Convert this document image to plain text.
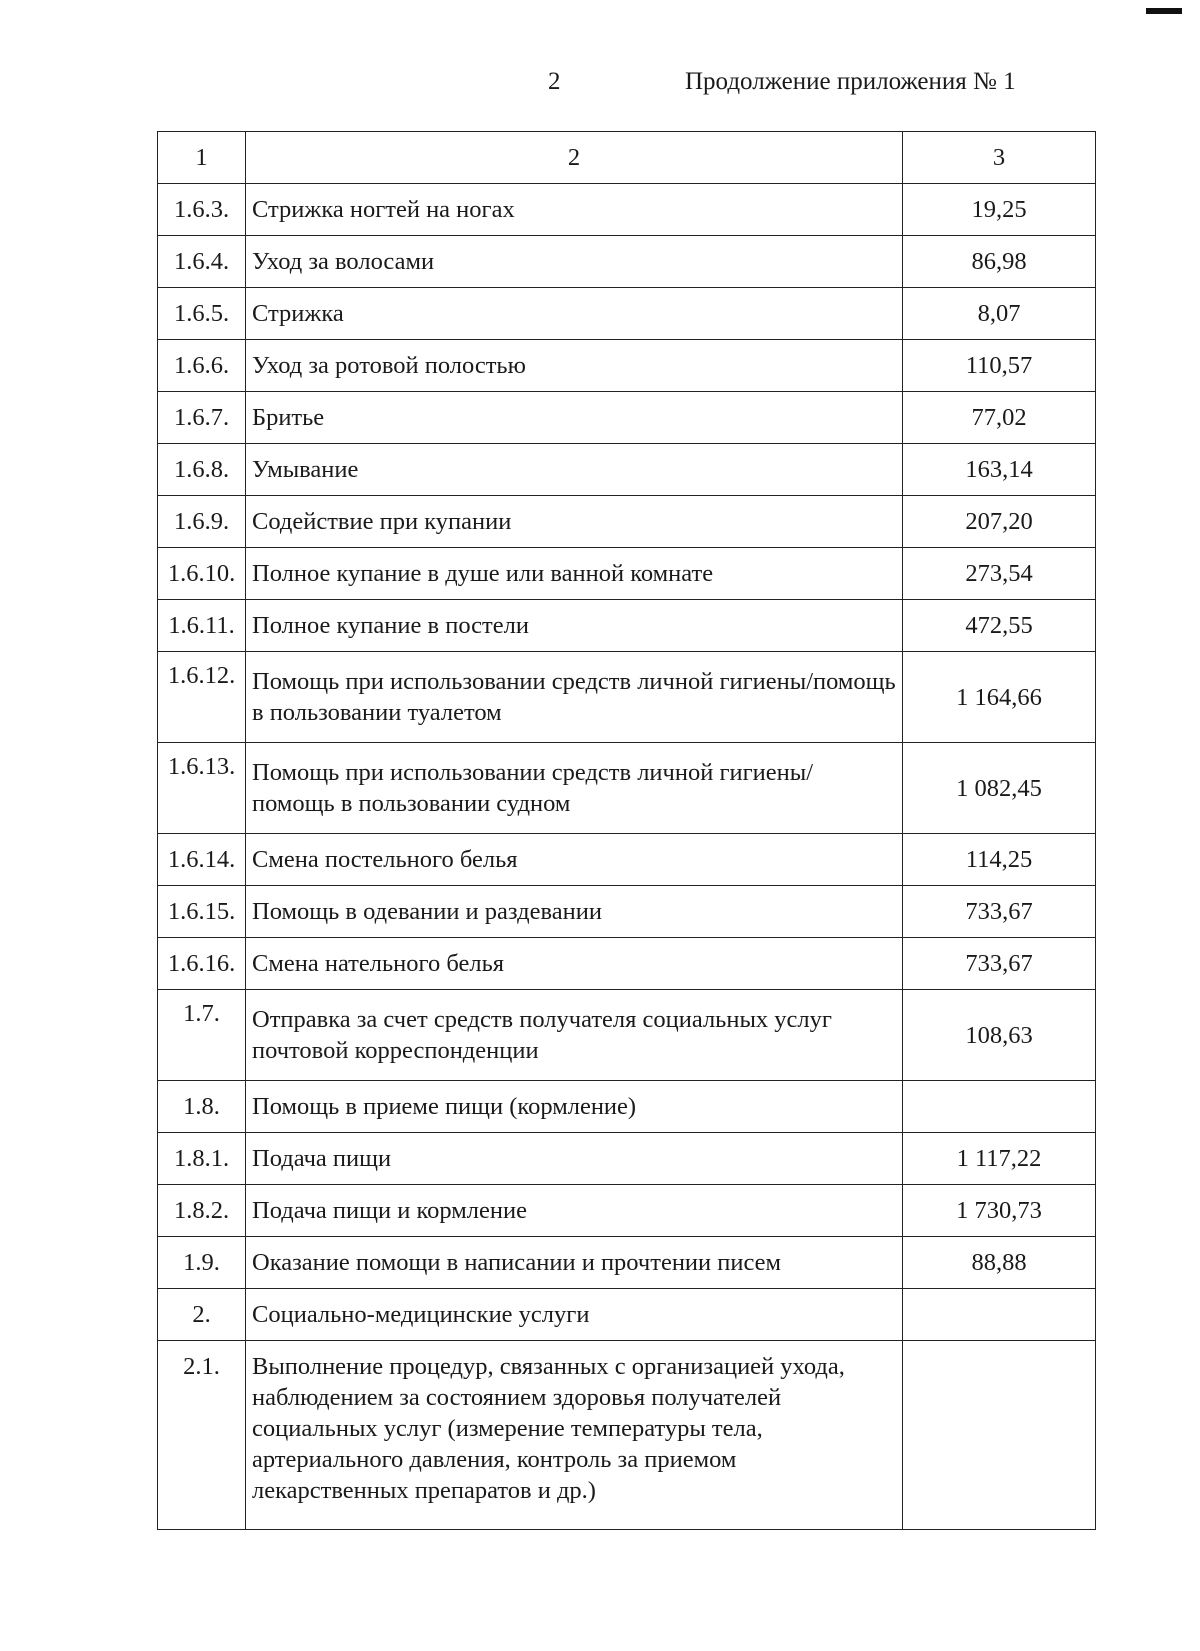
2	Продолжение приложения № 1
1	2	3
1.6.3.	Стрижка ногтей на ногах	19,25
1.6.4.	Уход за волосами	86,98
1.6.5.	Стрижка	8,07
1.6.6.	Уход за ротовой полостью	110,57
1.6.7.	Бритье	77,02
1.6.8.	Умывание	163,14
1.6.9.	Содействие при купании	207,20
1.6.10.	Полное купание в душе или ванной комнате	273,54
1.6.11.	Полное купание в постели	472,55
1.6.12.	Помощь при использовании средств личной гигиены/помощь в пользовании туалетом	1 164,66
1.6.13.	Помощь при использовании средств личной гигиены/ помощь в пользовании судном	1 082,45
1.6.14.	Смена постельного белья	114,25
1.6.15.	Помощь в одевании и раздевании	733,67
1.6.16.	Смена нательного белья	733,67
1.7.	Отправка за счет средств получателя социальных услуг почтовой корреспонденции	108,63
1.8.	Помощь в приеме пищи (кормление)	
1.8.1.	Подача пищи	1 117,22
1.8.2.	Подача пищи и кормление	1 730,73
1.9.	Оказание помощи в написании и прочтении писем	88,88
2.	Социально-медицинские услуги	
2.1.	Выполнение процедур, связанных с организацией ухода, наблюдением за состоянием здоровья получателей социальных услуг (измерение температуры тела, артериального давления, контроль за приемом лекарственных препаратов и др.)	
